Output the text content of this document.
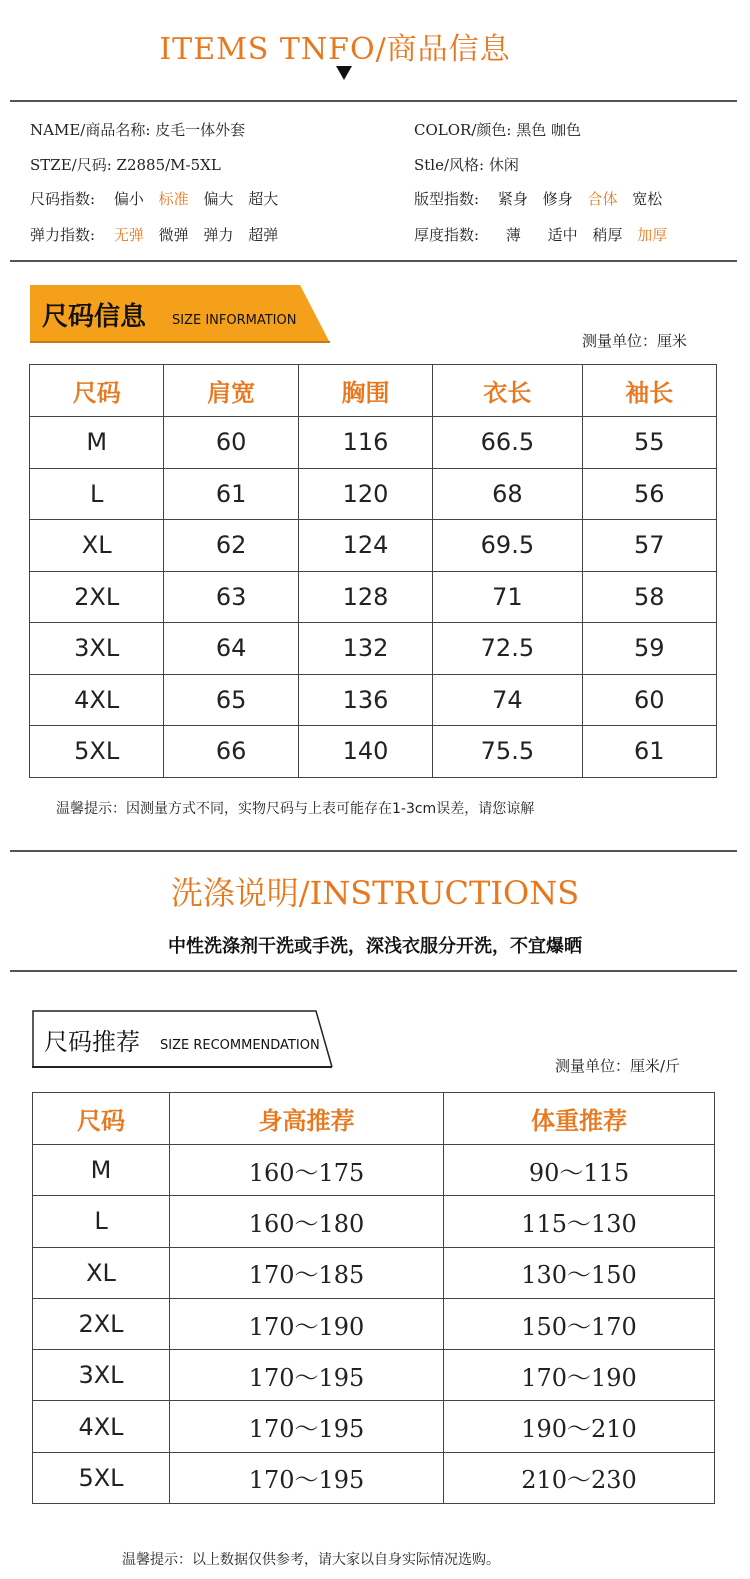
ITEMS TNFO/商品信息
NAME/商品名称: 皮毛一体外套	COLOR/颜色: 黑色 咖色
STZE/尺码: Z2885/M-5XL	Stle/风格: 休闲
尺码指数: 偏小 标准 偏大 超大	版型指数: 紧身 修身 合体 宽松
弹力指数: 无弹 微弹 弹力 超弹	厚度指数: 薄 适中 稍厚 加厚
尺码信息 SIZE INFORMATION
测量单位：厘米
尺码	肩宽	胸围	衣长	袖长
M	60	116	66.5	55
L	61	120	68	56
XL	62	124	69.5	57
2XL	63	128	71	58
3XL	64	132	72.5	59
4XL	65	136	74	60
5XL	66	140	75.5	61
温馨提示：因测量方式不同，实物尺码与上表可能存在1-3cm误差，请您谅解
洗涤说明/INSTRUCTIONS
中性洗涤剂干洗或手洗，深浅衣服分开洗，不宜爆晒
尺码推荐 SIZE RECOMMENDATION
测量单位：厘米/斤
尺码	身高推荐	体重推荐
M	160～175	90～115
L	160～180	115～130
XL	170～185	130～150
2XL	170～190	150～170
3XL	170～195	170～190
4XL	170～195	190～210
5XL	170～195	210～230
温馨提示：以上数据仅供参考，请大家以自身实际情况选购。
